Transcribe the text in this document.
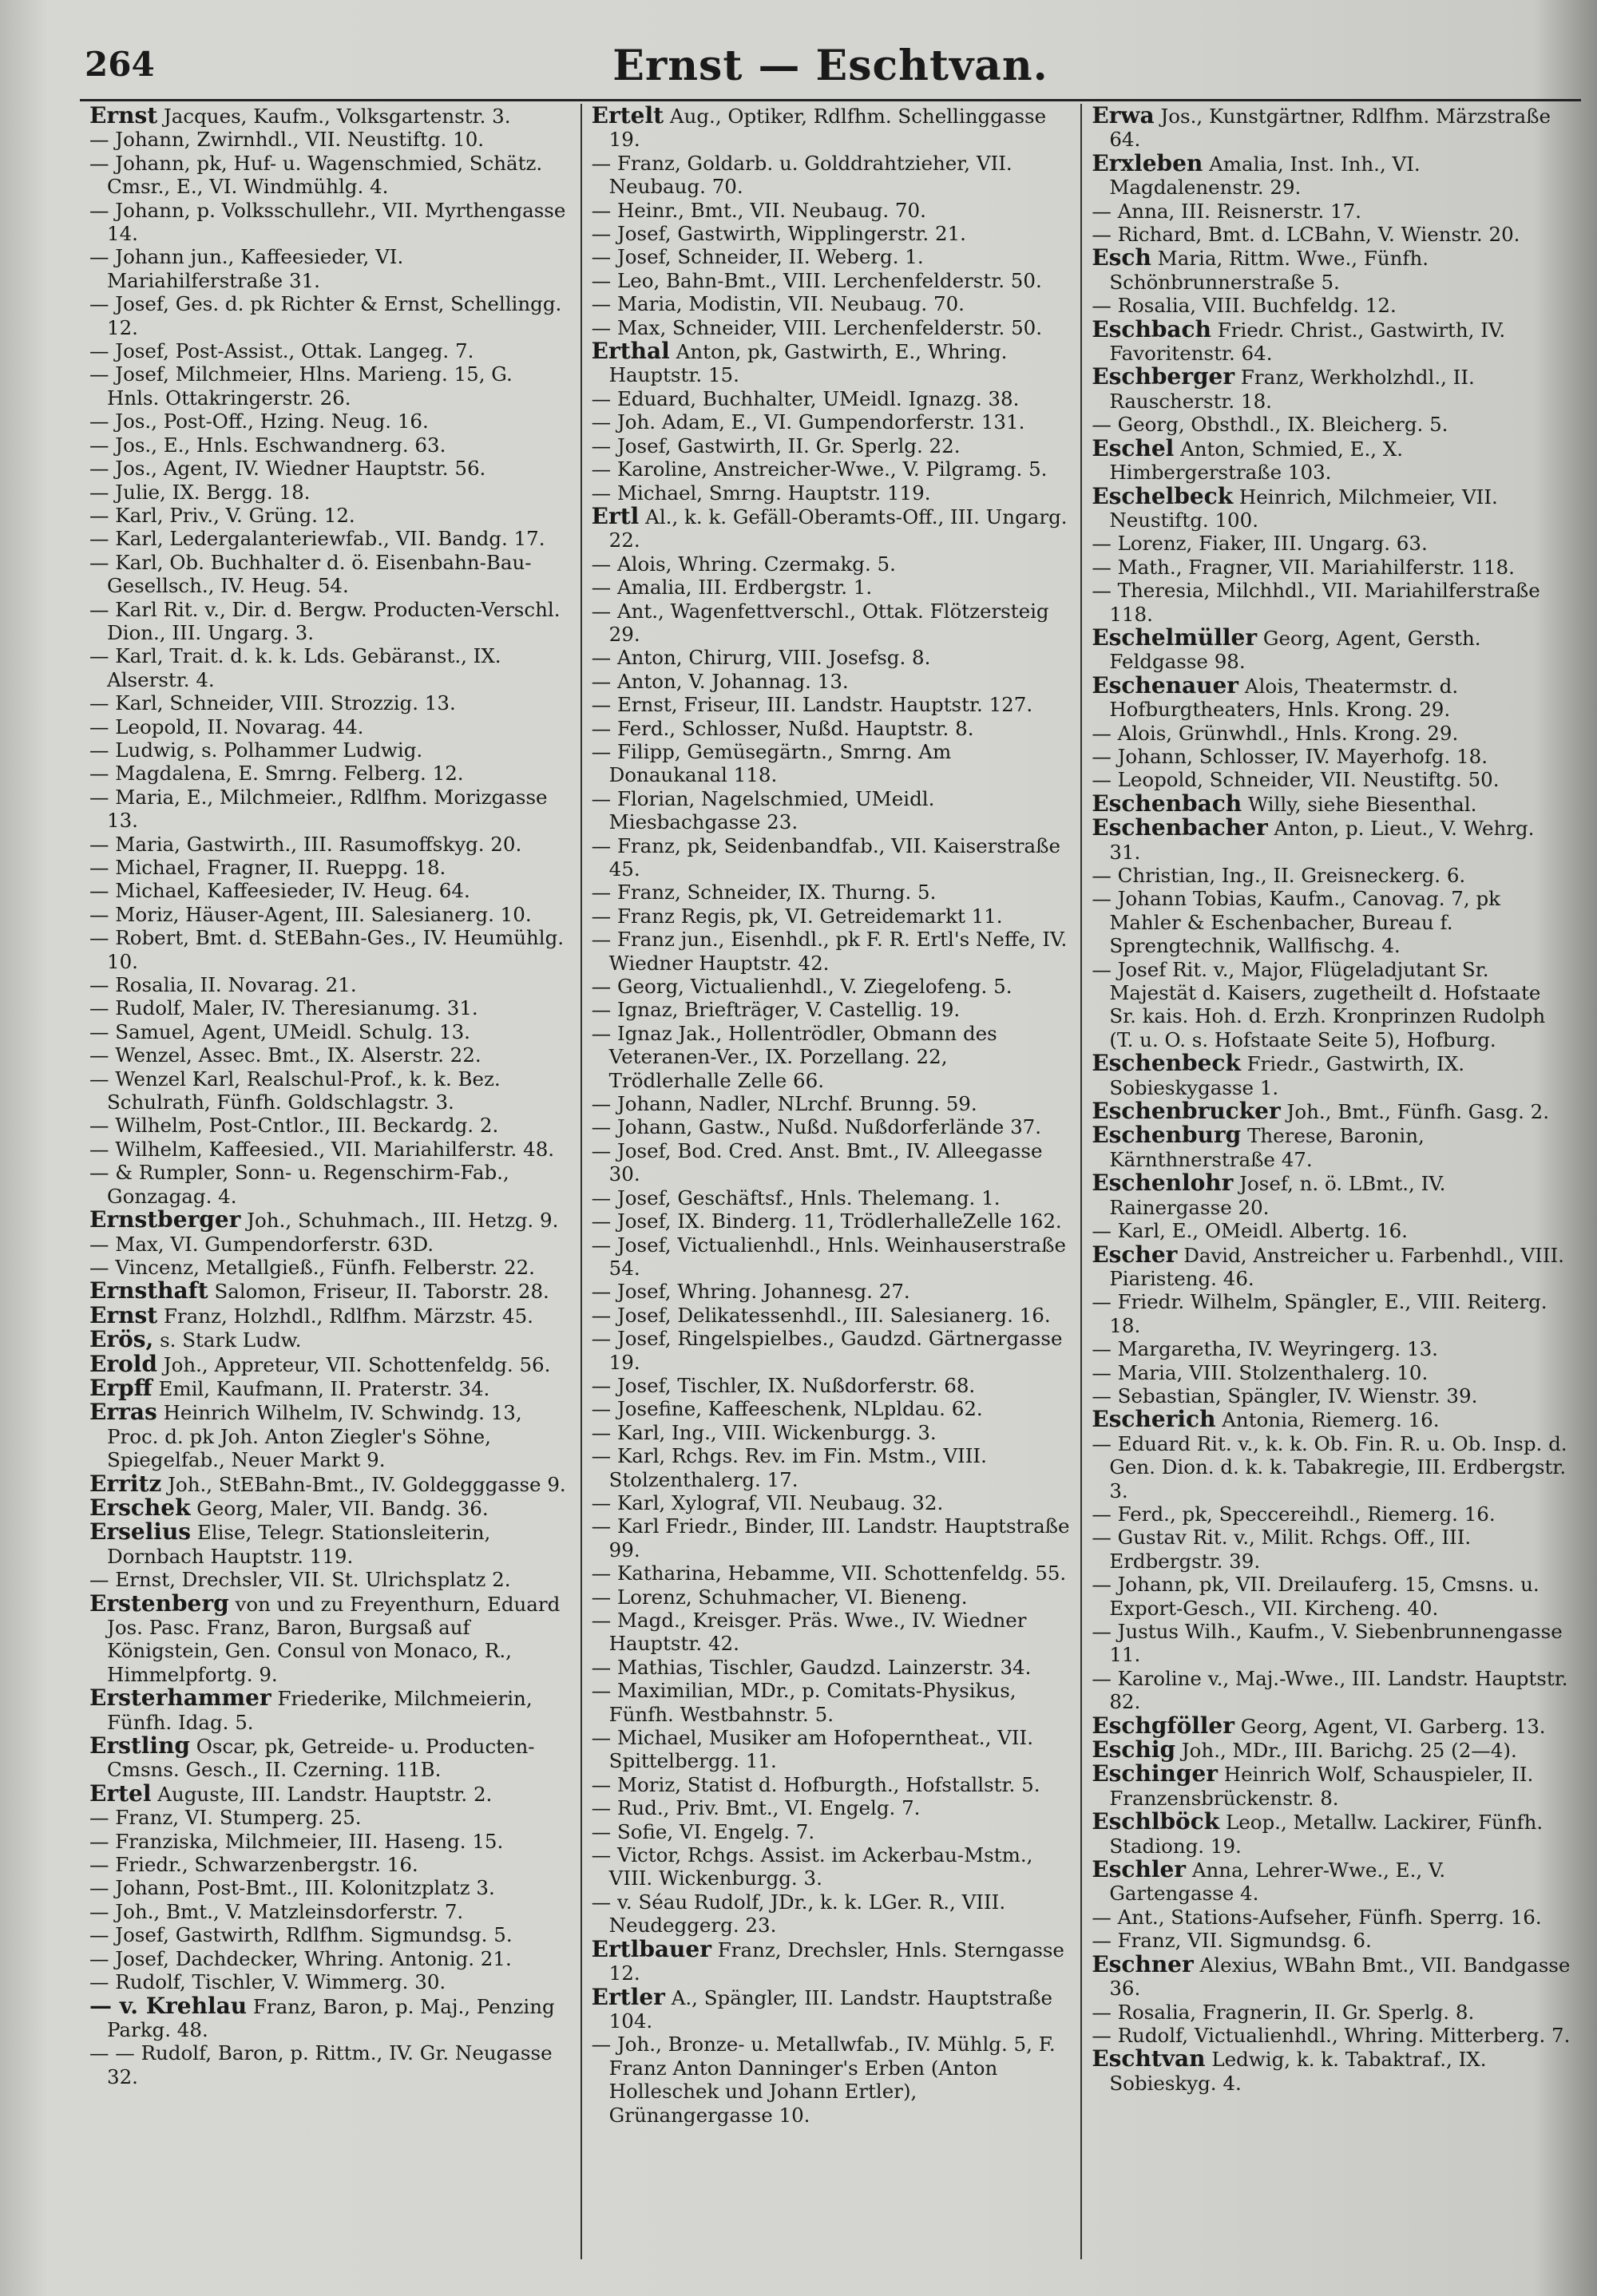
264	Ernst — Eschtvan.
Ernst Jacques, Kaufm., Volksgartenstr. 3.
— Johann, Zwirnhdl., VII. Neustiftg. 10.
— Johann, pk, Huf- u. Wagenschmied, Schätz. Cmsr., E., VI. Windmühlg. 4.
— Johann, p. Volksschullehr., VII. Myrthengasse 14.
— Johann jun., Kaffeesieder, VI. Mariahilferstraße 31.
— Josef, Ges. d. pk Richter & Ernst, Schellingg. 12.
— Josef, Post-Assist., Ottak. Langeg. 7.
— Josef, Milchmeier, Hlns. Marieng. 15, G. Hnls. Ottakringerstr. 26.
— Jos., Post-Off., Hzing. Neug. 16.
— Jos., E., Hnls. Eschwandnerg. 63.
— Jos., Agent, IV. Wiedner Hauptstr. 56.
— Julie, IX. Bergg. 18.
— Karl, Priv., V. Grüng. 12.
— Karl, Ledergalanteriewfab., VII. Bandg. 17.
— Karl, Ob. Buchhalter d. ö. Eisenbahn-Bau-Gesellsch., IV. Heug. 54.
— Karl Rit. v., Dir. d. Bergw. Producten-Verschl. Dion., III. Ungarg. 3.
— Karl, Trait. d. k. k. Lds. Gebäranst., IX. Alserstr. 4.
— Karl, Schneider, VIII. Strozzig. 13.
— Leopold, II. Novarag. 44.
— Ludwig, s. Polhammer Ludwig.
— Magdalena, E. Smrng. Felberg. 12.
— Maria, E., Milchmeier., Rdlfhm. Morizgasse 13.
— Maria, Gastwirth., III. Rasumoffskyg. 20.
— Michael, Fragner, II. Rueppg. 18.
— Michael, Kaffeesieder, IV. Heug. 64.
— Moriz, Häuser-Agent, III. Salesianerg. 10.
— Robert, Bmt. d. StEBahn-Ges., IV. Heumühlg. 10.
— Rosalia, II. Novarag. 21.
— Rudolf, Maler, IV. Theresianumg. 31.
— Samuel, Agent, UMeidl. Schulg. 13.
— Wenzel, Assec. Bmt., IX. Alserstr. 22.
— Wenzel Karl, Realschul-Prof., k. k. Bez. Schulrath, Fünfh. Goldschlagstr. 3.
— Wilhelm, Post-Cntlor., III. Beckardg. 2.
— Wilhelm, Kaffeesied., VII. Mariahilferstr. 48.
— & Rumpler, Sonn- u. Regenschirm-Fab., Gonzagag. 4.
Ernstberger Joh., Schuhmach., III. Hetzg. 9.
— Max, VI. Gumpendorferstr. 63D.
— Vincenz, Metallgieß., Fünfh. Felberstr. 22.
Ernsthaft Salomon, Friseur, II. Taborstr. 28.
Ernst Franz, Holzhdl., Rdlfhm. Märzstr. 45.
Erös, s. Stark Ludw.
Erold Joh., Appreteur, VII. Schottenfeldg. 56.
Erpff Emil, Kaufmann, II. Praterstr. 34.
Erras Heinrich Wilhelm, IV. Schwindg. 13, Proc. d. pk Joh. Anton Ziegler's Söhne, Spiegelfab., Neuer Markt 9.
Erritz Joh., StEBahn-Bmt., IV. Goldegggasse 9.
Erschek Georg, Maler, VII. Bandg. 36.
Erselius Elise, Telegr. Stationsleiterin, Dornbach Hauptstr. 119.
— Ernst, Drechsler, VII. St. Ulrichsplatz 2.
Erstenberg von und zu Freyenthurn, Eduard Jos. Pasc. Franz, Baron, Burgsaß auf Königstein, Gen. Consul von Monaco, R., Himmelpfortg. 9.
Ersterhammer Friederike, Milchmeierin, Fünfh. Idag. 5.
Erstling Oscar, pk, Getreide- u. Producten-Cmsns. Gesch., II. Czerning. 11B.
Ertel Auguste, III. Landstr. Hauptstr. 2.
— Franz, VI. Stumperg. 25.
— Franziska, Milchmeier, III. Haseng. 15.
— Friedr., Schwarzenbergstr. 16.
— Johann, Post-Bmt., III. Kolonitzplatz 3.
— Joh., Bmt., V. Matzleinsdorferstr. 7.
— Josef, Gastwirth, Rdlfhm. Sigmundsg. 5.
— Josef, Dachdecker, Whring. Antonig. 21.
— Rudolf, Tischler, V. Wimmerg. 30.
— v. Krehlau Franz, Baron, p. Maj., Penzing Parkg. 48.
— — Rudolf, Baron, p. Rittm., IV. Gr. Neugasse 32.
Ertelt Aug., Optiker, Rdlfhm. Schellinggasse 19.
— Franz, Goldarb. u. Golddrahtzieher, VII. Neubaug. 70.
— Heinr., Bmt., VII. Neubaug. 70.
— Josef, Gastwirth, Wipplingerstr. 21.
— Josef, Schneider, II. Weberg. 1.
— Leo, Bahn-Bmt., VIII. Lerchenfelderstr. 50.
— Maria, Modistin, VII. Neubaug. 70.
— Max, Schneider, VIII. Lerchenfelderstr. 50.
Erthal Anton, pk, Gastwirth, E., Whring. Hauptstr. 15.
— Eduard, Buchhalter, UMeidl. Ignazg. 38.
— Joh. Adam, E., VI. Gumpendorferstr. 131.
— Josef, Gastwirth, II. Gr. Sperlg. 22.
— Karoline, Anstreicher-Wwe., V. Pilgramg. 5.
— Michael, Smrng. Hauptstr. 119.
Ertl Al., k. k. Gefäll-Oberamts-Off., III. Ungarg. 22.
— Alois, Whring. Czermakg. 5.
— Amalia, III. Erdbergstr. 1.
— Ant., Wagenfettverschl., Ottak. Flötzersteig 29.
— Anton, Chirurg, VIII. Josefsg. 8.
— Anton, V. Johannag. 13.
— Ernst, Friseur, III. Landstr. Hauptstr. 127.
— Ferd., Schlosser, Nußd. Hauptstr. 8.
— Filipp, Gemüsegärtn., Smrng. Am Donaukanal 118.
— Florian, Nagelschmied, UMeidl. Miesbachgasse 23.
— Franz, pk, Seidenbandfab., VII. Kaiserstraße 45.
— Franz, Schneider, IX. Thurng. 5.
— Franz Regis, pk, VI. Getreidemarkt 11.
— Franz jun., Eisenhdl., pk F. R. Ertl's Neffe, IV. Wiedner Hauptstr. 42.
— Georg, Victualienhdl., V. Ziegelofeng. 5.
— Ignaz, Briefträger, V. Castellig. 19.
— Ignaz Jak., Hollentrödler, Obmann des Veteranen-Ver., IX. Porzellang. 22, Trödlerhalle Zelle 66.
— Johann, Nadler, NLrchf. Brunng. 59.
— Johann, Gastw., Nußd. Nußdorferlände 37.
— Josef, Bod. Cred. Anst. Bmt., IV. Alleegasse 30.
— Josef, Geschäftsf., Hnls. Thelemang. 1.
— Josef, IX. Binderg. 11, TrödlerhalleZelle 162.
— Josef, Victualienhdl., Hnls. Weinhauserstraße 54.
— Josef, Whring. Johannesg. 27.
— Josef, Delikatessenhdl., III. Salesianerg. 16.
— Josef, Ringelspielbes., Gaudzd. Gärtnergasse 19.
— Josef, Tischler, IX. Nußdorferstr. 68.
— Josefine, Kaffeeschenk, NLpldau. 62.
— Karl, Ing., VIII. Wickenburgg. 3.
— Karl, Rchgs. Rev. im Fin. Mstm., VIII. Stolzenthalerg. 17.
— Karl, Xylograf, VII. Neubaug. 32.
— Karl Friedr., Binder, III. Landstr. Hauptstraße 99.
— Katharina, Hebamme, VII. Schottenfeldg. 55.
— Lorenz, Schuhmacher, VI. Bieneng.
— Magd., Kreisger. Präs. Wwe., IV. Wiedner Hauptstr. 42.
— Mathias, Tischler, Gaudzd. Lainzerstr. 34.
— Maximilian, MDr., p. Comitats-Physikus, Fünfh. Westbahnstr. 5.
— Michael, Musiker am Hofoperntheat., VII. Spittelbergg. 11.
— Moriz, Statist d. Hofburgth., Hofstallstr. 5.
— Rud., Priv. Bmt., VI. Engelg. 7.
— Sofie, VI. Engelg. 7.
— Victor, Rchgs. Assist. im Ackerbau-Mstm., VIII. Wickenburgg. 3.
— v. Séau Rudolf, JDr., k. k. LGer. R., VIII. Neudeggerg. 23.
Ertlbauer Franz, Drechsler, Hnls. Sterngasse 12.
Ertler A., Spängler, III. Landstr. Hauptstraße 104.
— Joh., Bronze- u. Metallwfab., IV. Mühlg. 5, F. Franz Anton Danninger's Erben (Anton Holleschek und Johann Ertler), Grünangergasse 10.
Erwa Jos., Kunstgärtner, Rdlfhm. Märzstraße 64.
Erxleben Amalia, Inst. Inh., VI. Magdalenenstr. 29.
— Anna, III. Reisnerstr. 17.
— Richard, Bmt. d. LCBahn, V. Wienstr. 20.
Esch Maria, Rittm. Wwe., Fünfh. Schönbrunnerstraße 5.
— Rosalia, VIII. Buchfeldg. 12.
Eschbach Friedr. Christ., Gastwirth, IV. Favoritenstr. 64.
Eschberger Franz, Werkholzhdl., II. Rauscherstr. 18.
— Georg, Obsthdl., IX. Bleicherg. 5.
Eschel Anton, Schmied, E., X. Himbergerstraße 103.
Eschelbeck Heinrich, Milchmeier, VII. Neustiftg. 100.
— Lorenz, Fiaker, III. Ungarg. 63.
— Math., Fragner, VII. Mariahilferstr. 118.
— Theresia, Milchhdl., VII. Mariahilferstraße 118.
Eschelmüller Georg, Agent, Gersth. Feldgasse 98.
Eschenauer Alois, Theatermstr. d. Hofburgtheaters, Hnls. Krong. 29.
— Alois, Grünwhdl., Hnls. Krong. 29.
— Johann, Schlosser, IV. Mayerhofg. 18.
— Leopold, Schneider, VII. Neustiftg. 50.
Eschenbach Willy, siehe Biesenthal.
Eschenbacher Anton, p. Lieut., V. Wehrg. 31.
— Christian, Ing., II. Greisneckerg. 6.
— Johann Tobias, Kaufm., Canovag. 7, pk Mahler & Eschenbacher, Bureau f. Sprengtechnik, Wallfischg. 4.
— Josef Rit. v., Major, Flügeladjutant Sr. Majestät d. Kaisers, zugetheilt d. Hofstaate Sr. kais. Hoh. d. Erzh. Kronprinzen Rudolph (T. u. O. s. Hofstaate Seite 5), Hofburg.
Eschenbeck Friedr., Gastwirth, IX. Sobieskygasse 1.
Eschenbrucker Joh., Bmt., Fünfh. Gasg. 2.
Eschenburg Therese, Baronin, Kärnthnerstraße 47.
Eschenlohr Josef, n. ö. LBmt., IV. Rainergasse 20.
— Karl, E., OMeidl. Albertg. 16.
Escher David, Anstreicher u. Farbenhdl., VIII. Piaristeng. 46.
— Friedr. Wilhelm, Spängler, E., VIII. Reiterg. 18.
— Margaretha, IV. Weyringerg. 13.
— Maria, VIII. Stolzenthalerg. 10.
— Sebastian, Spängler, IV. Wienstr. 39.
Escherich Antonia, Riemerg. 16.
— Eduard Rit. v., k. k. Ob. Fin. R. u. Ob. Insp. d. Gen. Dion. d. k. k. Tabakregie, III. Erdbergstr. 3.
— Ferd., pk, Speccereihdl., Riemerg. 16.
— Gustav Rit. v., Milit. Rchgs. Off., III. Erdbergstr. 39.
— Johann, pk, VII. Dreilauferg. 15, Cmsns. u. Export-Gesch., VII. Kircheng. 40.
— Justus Wilh., Kaufm., V. Siebenbrunnengasse 11.
— Karoline v., Maj.-Wwe., III. Landstr. Hauptstr. 82.
Eschgföller Georg, Agent, VI. Garberg. 13.
Eschig Joh., MDr., III. Barichg. 25 (2—4).
Eschinger Heinrich Wolf, Schauspieler, II. Franzensbrückenstr. 8.
Eschlböck Leop., Metallw. Lackirer, Fünfh. Stadiong. 19.
Eschler Anna, Lehrer-Wwe., E., V. Gartengasse 4.
— Ant., Stations-Aufseher, Fünfh. Sperrg. 16.
— Franz, VII. Sigmundsg. 6.
Eschner Alexius, WBahn Bmt., VII. Bandgasse 36.
— Rosalia, Fragnerin, II. Gr. Sperlg. 8.
— Rudolf, Victualienhdl., Whring. Mitterberg. 7.
Eschtvan Ledwig, k. k. Tabaktraf., IX. Sobieskyg. 4.
